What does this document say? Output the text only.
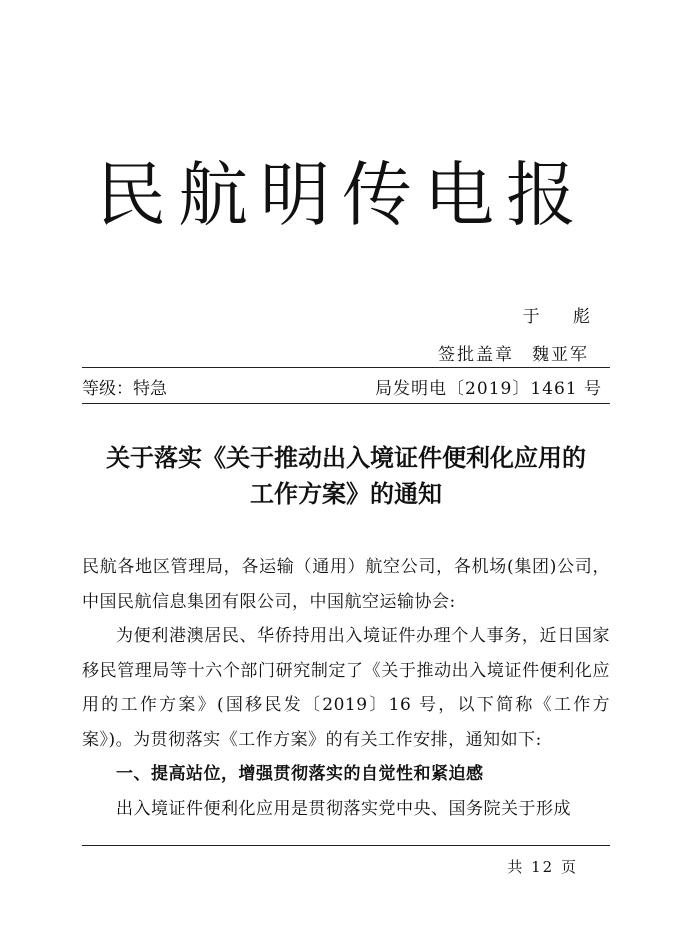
民航明传电报
于 彪
签批盖章 魏亚军
等级：特急	局发明电〔2019〕1461 号
关于落实《关于推动出入境证件便利化应用的
工作方案》的通知

民航各地区管理局，各运输（通用）航空公司，各机场(集团)公司，中国民航信息集团有限公司，中国航空运输协会:

为便利港澳居民、华侨持用出入境证件办理个人事务，近日国家移民管理局等十六个部门研究制定了《关于推动出入境证件便利化应用的工作方案》(国移民发〔2019〕16 号，以下简称《工作方案》)。为贯彻落实《工作方案》的有关工作安排，通知如下:

一、提高站位，增强贯彻落实的自觉性和紧迫感

出入境证件便利化应用是贯彻落实党中央、国务院关于形成

共 12 页
